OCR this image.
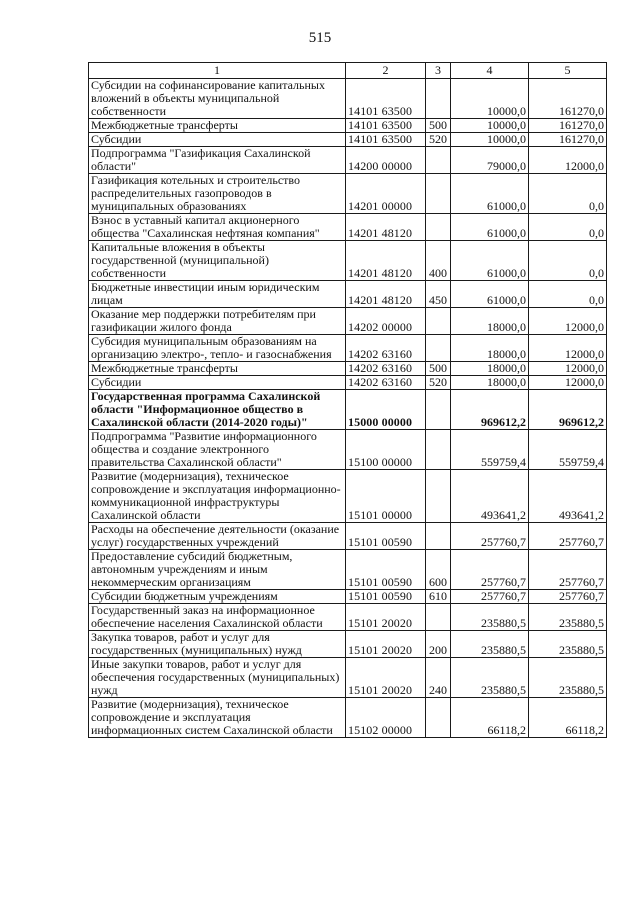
515
1	2	3	4	5
Субсидии на софинансирование капитальных вложений в объекты муниципальной собственности	14101 63500		10000,0	161270,0
Межбюджетные трансферты	14101 63500	500	10000,0	161270,0
Субсидии	14101 63500	520	10000,0	161270,0
Подпрограмма "Газификация Сахалинской области"	14200 00000		79000,0	12000,0
Газификация котельных и строительство распределительных газопроводов в муниципальных образованиях	14201 00000		61000,0	0,0
Взнос в уставный капитал акционерного общества "Сахалинская нефтяная компания"	14201 48120		61000,0	0,0
Капитальные вложения в объекты государственной (муниципальной) собственности	14201 48120	400	61000,0	0,0
Бюджетные инвестиции иным юридическим лицам	14201 48120	450	61000,0	0,0
Оказание мер поддержки потребителям при газификации жилого фонда	14202 00000		18000,0	12000,0
Субсидия муниципальным образованиям на организацию электро-, тепло- и газоснабжения	14202 63160		18000,0	12000,0
Межбюджетные трансферты	14202 63160	500	18000,0	12000,0
Субсидии	14202 63160	520	18000,0	12000,0
Государственная программа Сахалинской области "Информационное общество в Сахалинской области (2014-2020 годы)"	15000 00000		969612,2	969612,2
Подпрограмма "Развитие информационного общества и создание электронного правительства Сахалинской области"	15100 00000		559759,4	559759,4
Развитие (модернизация), техническое сопровождение и эксплуатация информационно-коммуникационной инфраструктуры Сахалинской области	15101 00000		493641,2	493641,2
Расходы на обеспечение деятельности (оказание услуг) государственных учреждений	15101 00590		257760,7	257760,7
Предоставление субсидий бюджетным, автономным учреждениям и иным некоммерческим организациям	15101 00590	600	257760,7	257760,7
Субсидии бюджетным учреждениям	15101 00590	610	257760,7	257760,7
Государственный заказ на информационное обеспечение населения Сахалинской области	15101 20020		235880,5	235880,5
Закупка товаров, работ и услуг для государственных (муниципальных) нужд	15101 20020	200	235880,5	235880,5
Иные закупки товаров, работ и услуг для обеспечения государственных (муниципальных) нужд	15101 20020	240	235880,5	235880,5
Развитие (модернизация), техническое сопровождение и эксплуатация информационных систем Сахалинской области	15102 00000		66118,2	66118,2
